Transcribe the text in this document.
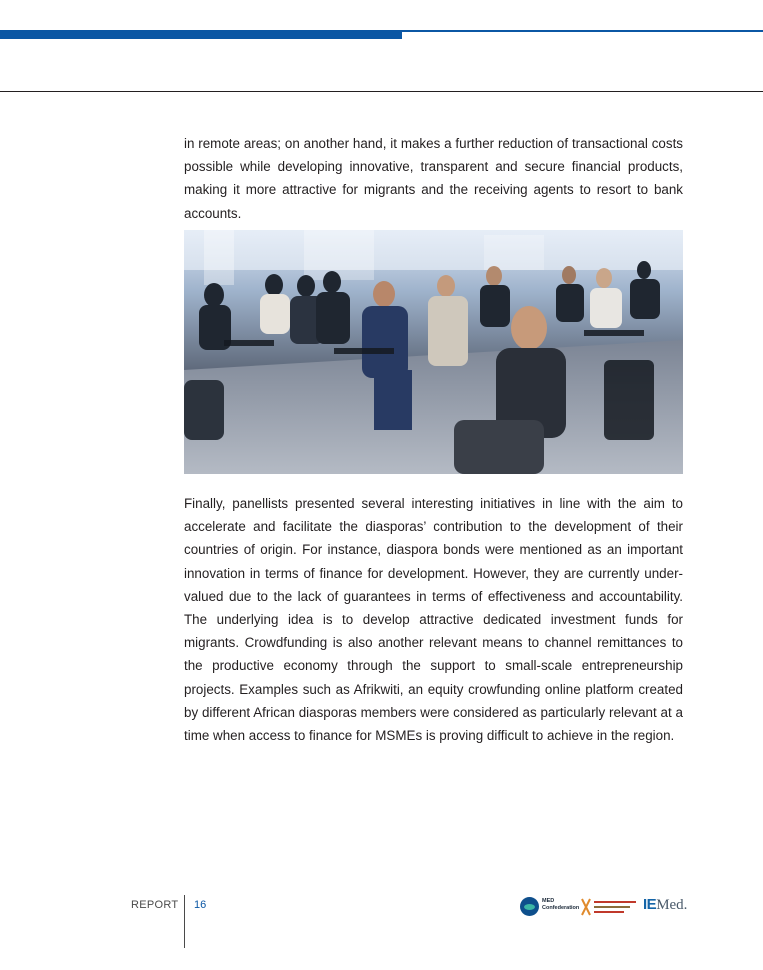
in remote areas; on another hand, it makes a further reduction of transactional costs possible while developing innovative, transparent and secure financial products, making it more attractive for migrants and the receiving agents to resort to bank accounts.

Finally, panellists presented several interesting initiatives in line with the aim to accelerate and facilitate the diasporas’ contribution to the development of their countries of origin. For instance, diaspora bonds were mentioned as an important innovation in terms of finance for development. However, they are currently under-valued due to the lack of guarantees in terms of effectiveness and accountability. The underlying idea is to develop attractive dedicated investment funds for migrants. Crowdfunding is also another relevant means to channel remittances to the productive economy through the support to small-scale entrepreneurship projects. Examples such as Afrikwiti, an equity crowfunding online platform created by different African diasporas members were considered as particularly relevant at a time when access to finance for MSMEs is proving difficult to achieve in the region.

REPORT 16	MED
Confederation	IEMed.
